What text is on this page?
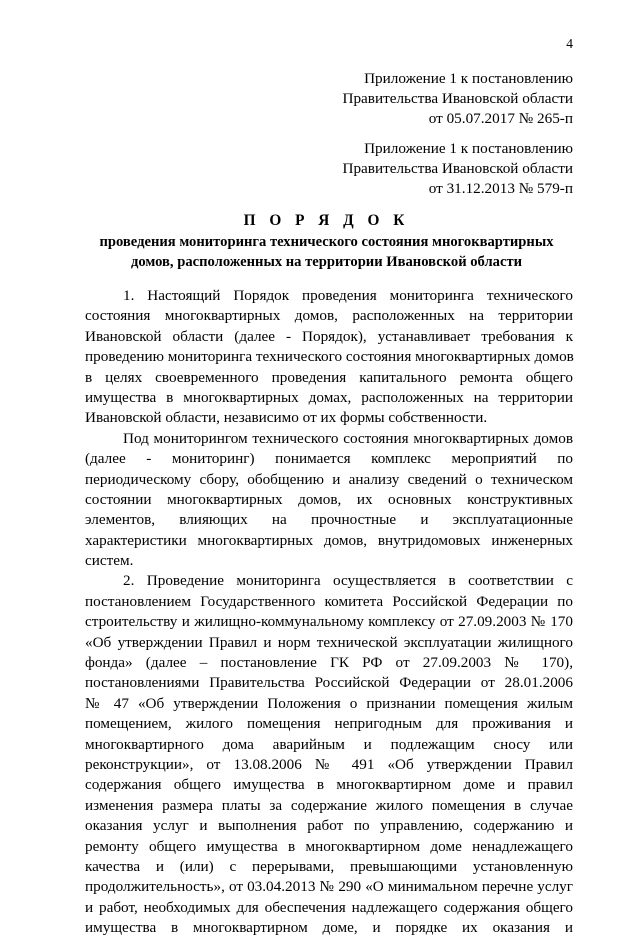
4
Приложение 1 к постановлению
Правительства Ивановской области
от 05.07.2017 № 265-п
Приложение 1 к постановлению
Правительства Ивановской области
от 31.12.2013 № 579-п
П О Р Я Д О К
проведения мониторинга технического состояния многоквартирных
домов, расположенных на территории Ивановской области
1. Настоящий Порядок проведения мониторинга технического
состояния многоквартирных домов, расположенных на территории
Ивановской области (далее - Порядок), устанавливает требования к
проведению мониторинга технического состояния многоквартирных домов
в целях своевременного проведения капитального ремонта общего
имущества в многоквартирных домах, расположенных на территории
Ивановской области, независимо от их формы собственности.
Под мониторингом технического состояния многоквартирных домов
(далее - мониторинг) понимается комплекс мероприятий по
периодическому сбору, обобщению и анализу сведений о техническом
состоянии многоквартирных домов, их основных конструктивных
элементов, влияющих на прочностные и эксплуатационные
характеристики многоквартирных домов, внутридомовых инженерных
систем.
2. Проведение мониторинга осуществляется в соответствии с
постановлением Государственного комитета Российской Федерации по
строительству и жилищно-коммунальному комплексу от 27.09.2003 № 170
«Об утверждении Правил и норм технической эксплуатации жилищного
фонда» (далее – постановление ГК РФ от 27.09.2003 № 170),
постановлениями Правительства Российской Федерации от 28.01.2006
№ 47 «Об утверждении Положения о признании помещения жилым
помещением, жилого помещения непригодным для проживания и
многоквартирного дома аварийным и подлежащим сносу или
реконструкции», от 13.08.2006 № 491 «Об утверждении Правил
содержания общего имущества в многоквартирном доме и правил
изменения размера платы за содержание жилого помещения в случае
оказания услуг и выполнения работ по управлению, содержанию и
ремонту общего имущества в многоквартирном доме ненадлежащего
качества и (или) с перерывами, превышающими установленную
продолжительность», от 03.04.2013 № 290 «О минимальном перечне услуг
и работ, необходимых для обеспечения надлежащего содержания общего
имущества в многоквартирном доме, и порядке их оказания и
